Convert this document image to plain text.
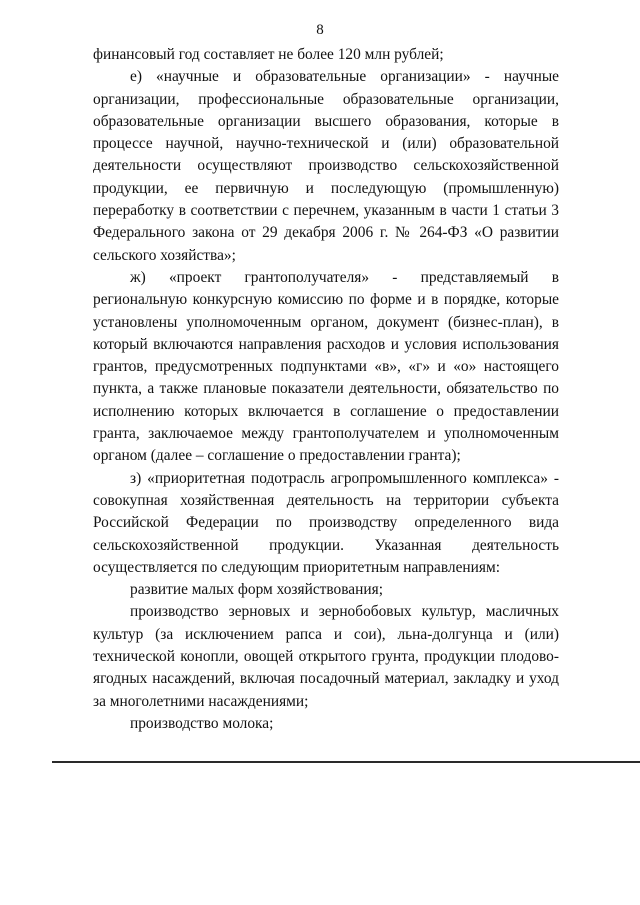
8

финансовый год составляет не более 120 млн рублей;

е) «научные и образовательные организации» - научные организации, профессиональные образовательные организации, образовательные организации высшего образования, которые в процессе научной, научно-технической и (или) образовательной деятельности осуществляют производство сельскохозяйственной продукции, ее первичную и последующую (промышленную) переработку в соответствии с перечнем, указанным в части 1 статьи 3 Федерального закона от 29 декабря 2006 г. № 264-ФЗ «О развитии сельского хозяйства»;

ж) «проект грантополучателя» - представляемый в региональную конкурсную комиссию по форме и в порядке, которые установлены уполномоченным органом, документ (бизнес-план), в который включаются направления расходов и условия использования грантов, предусмотренных подпунктами «в», «г» и «о» настоящего пункта, а также плановые показатели деятельности, обязательство по исполнению которых включается в соглашение о предоставлении гранта, заключаемое между грантополучателем и уполномоченным органом (далее – соглашение о предоставлении гранта);

з) «приоритетная подотрасль агропромышленного комплекса» - совокупная хозяйственная деятельность на территории субъекта Российской Федерации по производству определенного вида сельскохозяйственной продукции. Указанная деятельность осуществляется по следующим приоритетным направлениям:

развитие малых форм хозяйствования;

производство зерновых и зернобобовых культур, масличных культур (за исключением рапса и сои), льна-долгунца и (или) технической конопли, овощей открытого грунта, продукции плодово-ягодных насаждений, включая посадочный материал, закладку и уход за многолетними насаждениями;

производство молока;
